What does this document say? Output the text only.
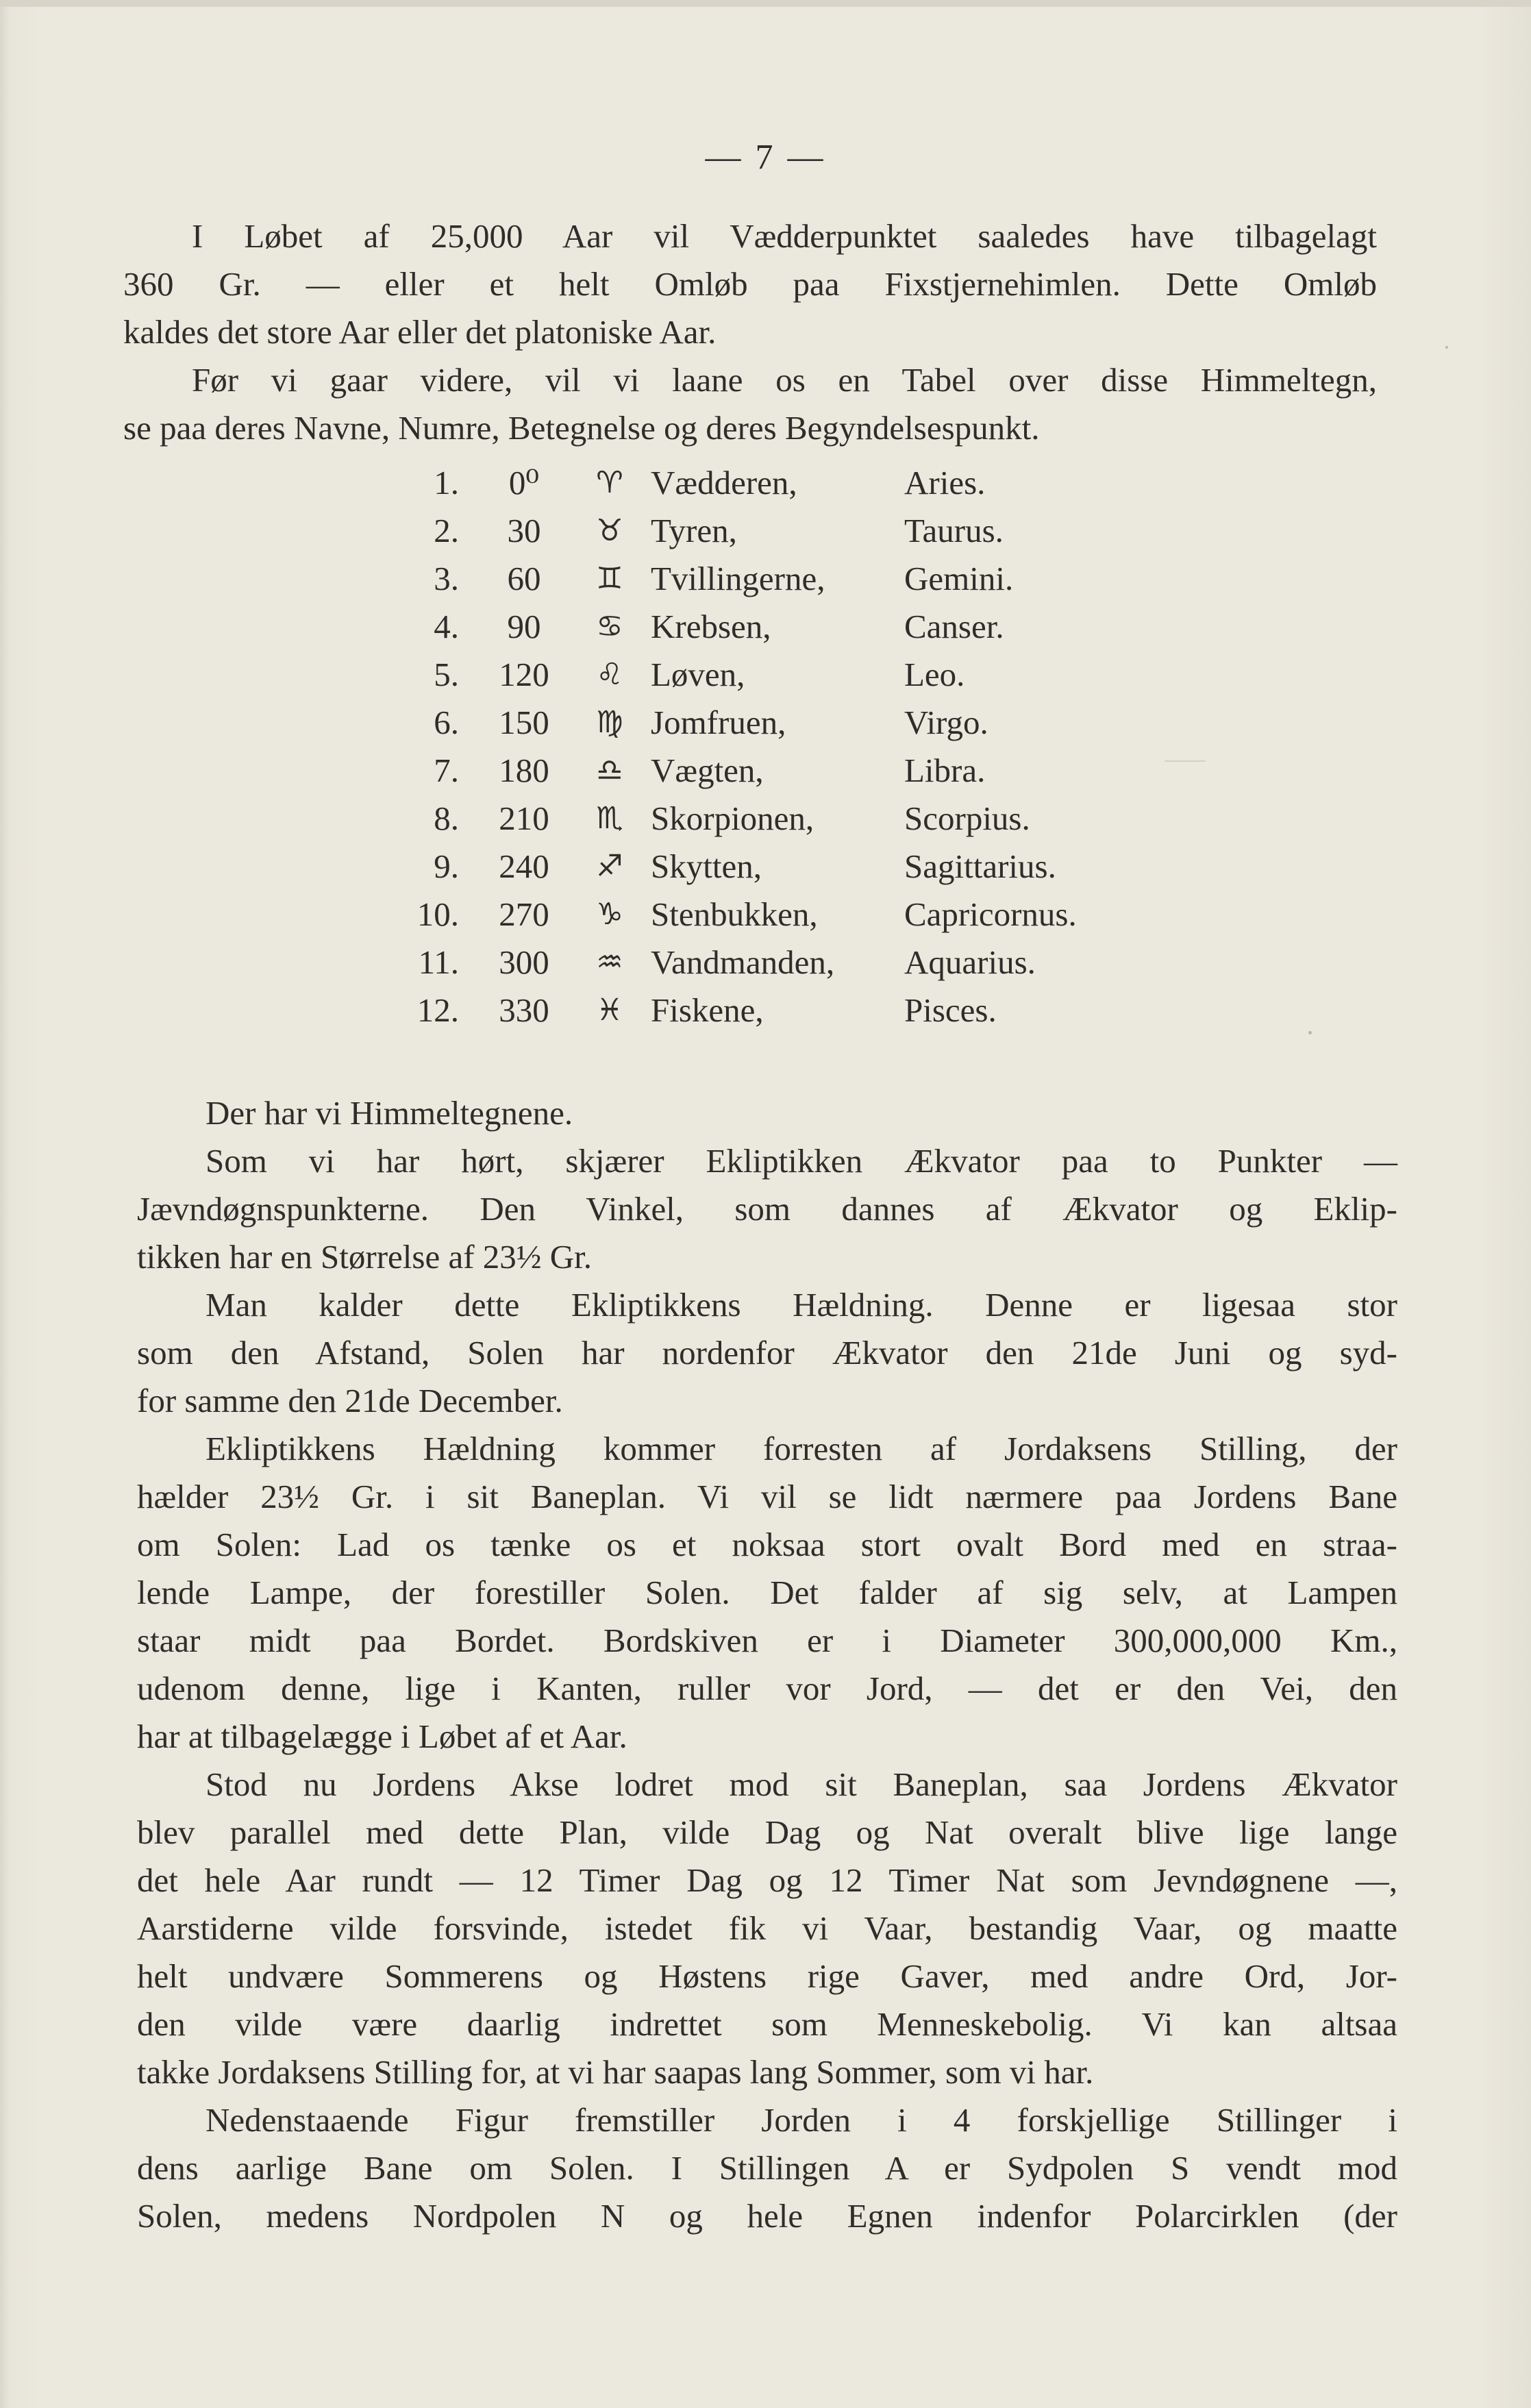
— 7 —
I Løbet af 25,000 Aar vil Vædderpunktet saaledes have tilbagelagt
360 Gr. — eller et helt Omløb paa Fixstjernehimlen. Dette Omløb
kaldes det store Aar eller det platoniske Aar.
Før vi gaar videre, vil vi laane os en Tabel over disse Himmeltegn,
se paa deres Navne, Numre, Betegnelse og deres Begyndelsespunkt.
1.	0⁰	♈	Vædderen,	Aries.
2.	30	♉	Tyren,	Taurus.
3.	60	♊	Tvillingerne,	Gemini.
4.	90	♋	Krebsen,	Canser.
5.	120	♌	Løven,	Leo.
6.	150	♍	Jomfruen,	Virgo.
7.	180	♎	Vægten,	Libra.
8.	210	♏	Skorpionen,	Scorpius.
9.	240	♐	Skytten,	Sagittarius.
10.	270	♑	Stenbukken,	Capricornus.
11.	300	♒	Vandmanden,	Aquarius.
12.	330	♓	Fiskene,	Pisces.
Der har vi Himmeltegnene.
Som vi har hørt, skjærer Ekliptikken Ækvator paa to Punkter —
Jævndøgnspunkterne. Den Vinkel, som dannes af Ækvator og Eklip-
tikken har en Størrelse af 23½ Gr.
Man kalder dette Ekliptikkens Hældning. Denne er ligesaa stor
som den Afstand, Solen har nordenfor Ækvator den 21de Juni og syd-
for samme den 21de December.
Ekliptikkens Hældning kommer forresten af Jordaksens Stilling, der
hælder 23½ Gr. i sit Baneplan. Vi vil se lidt nærmere paa Jordens Bane
om Solen: Lad os tænke os et noksaa stort ovalt Bord med en straa-
lende Lampe, der forestiller Solen. Det falder af sig selv, at Lampen
staar midt paa Bordet. Bordskiven er i Diameter 300,000,000 Km.,
udenom denne, lige i Kanten, ruller vor Jord, — det er den Vei, den
har at tilbagelægge i Løbet af et Aar.
Stod nu Jordens Akse lodret mod sit Baneplan, saa Jordens Ækvator
blev parallel med dette Plan, vilde Dag og Nat overalt blive lige lange
det hele Aar rundt — 12 Timer Dag og 12 Timer Nat som Jevndøgnene —,
Aarstiderne vilde forsvinde, istedet fik vi Vaar, bestandig Vaar, og maatte
helt undvære Sommerens og Høstens rige Gaver, med andre Ord, Jor-
den vilde være daarlig indrettet som Menneskebolig. Vi kan altsaa
takke Jordaksens Stilling for, at vi har saapas lang Sommer, som vi har.
Nedenstaaende Figur fremstiller Jorden i 4 forskjellige Stillinger i
dens aarlige Bane om Solen. I Stillingen A er Sydpolen S vendt mod
Solen, medens Nordpolen N og hele Egnen indenfor Polarcirklen (der
